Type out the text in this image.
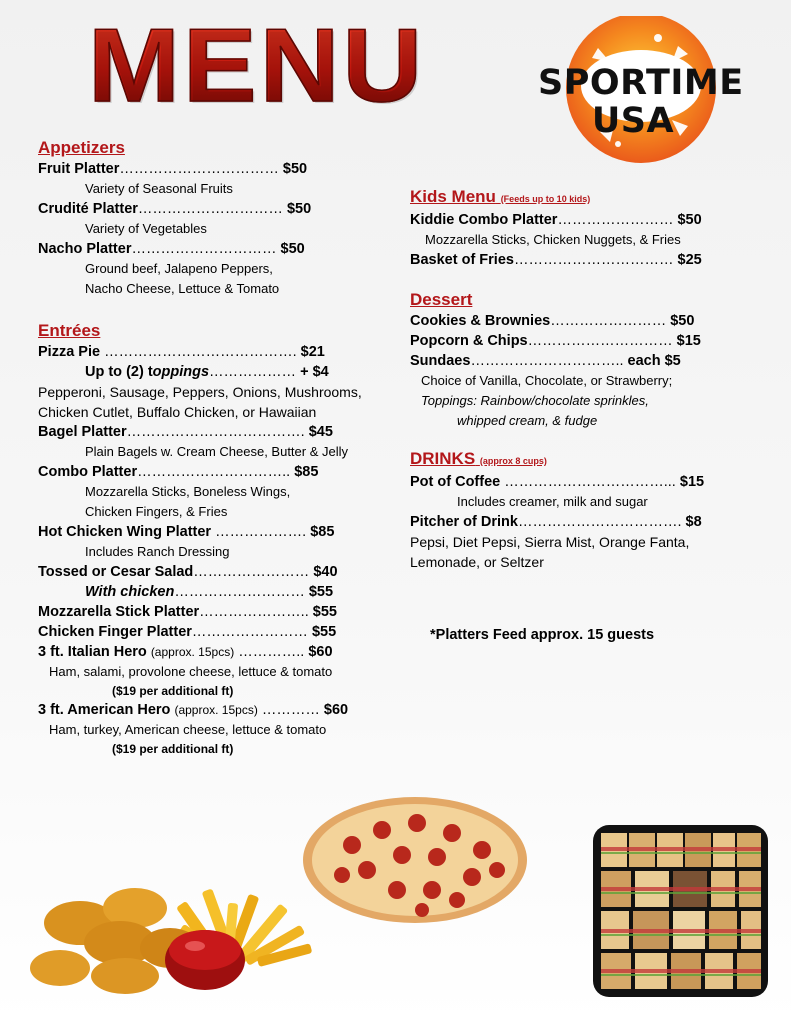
MENU	SPORTIME
USA
Appetizers
Fruit Platter…………………………… $50
Variety of Seasonal Fruits
Crudité Platter………………………… $50
Variety of Vegetables
Nacho Platter………………………… $50
Ground beef, Jalapeno Peppers,
Nacho Cheese, Lettuce & Tomato
Entrées
Pizza Pie …………………………………. $21
Up to (2) toppings……………… + $4
Pepperoni, Sausage, Peppers, Onions, Mushrooms,
Chicken Cutlet, Buffalo Chicken, or Hawaiian
Bagel Platter………………………………. $45
Plain Bagels w. Cream Cheese, Butter & Jelly
Combo Platter………………………….. $85
Mozzarella Sticks, Boneless Wings,
Chicken Fingers, & Fries
Hot Chicken Wing Platter ………………. $85
Includes Ranch Dressing
Tossed or Cesar Salad…………………… $40
With chicken……………………… $55
Mozzarella Stick Platter………………….. $55
Chicken Finger Platter…………………… $55
3 ft. Italian Hero (approx. 15pcs) ………….. $60
Ham, salami, provolone cheese, lettuce & tomato
($19 per additional ft)
3 ft. American Hero (approx. 15pcs) ………… $60
Ham, turkey, American cheese, lettuce & tomato
($19 per additional ft)
Kids Menu (Feeds up to 10 kids)
Kiddie Combo Platter…………………… $50
Mozzarella Sticks, Chicken Nuggets, & Fries
Basket of Fries…………………………… $25
Dessert
Cookies & Brownies…………………… $50
Popcorn & Chips………………………… $15
Sundaes………………………….. each $5
Choice of Vanilla, Chocolate, or Strawberry;
Toppings: Rainbow/chocolate sprinkles,
whipped cream, & fudge
DRINKS (approx 8 cups)
Pot of Coffee ……………………………... $15
Includes creamer, milk and sugar
Pitcher of Drink……………………………. $8
Pepsi, Diet Pepsi, Sierra Mist, Orange Fanta,
Lemonade, or Seltzer
*Platters Feed approx. 15 guests
